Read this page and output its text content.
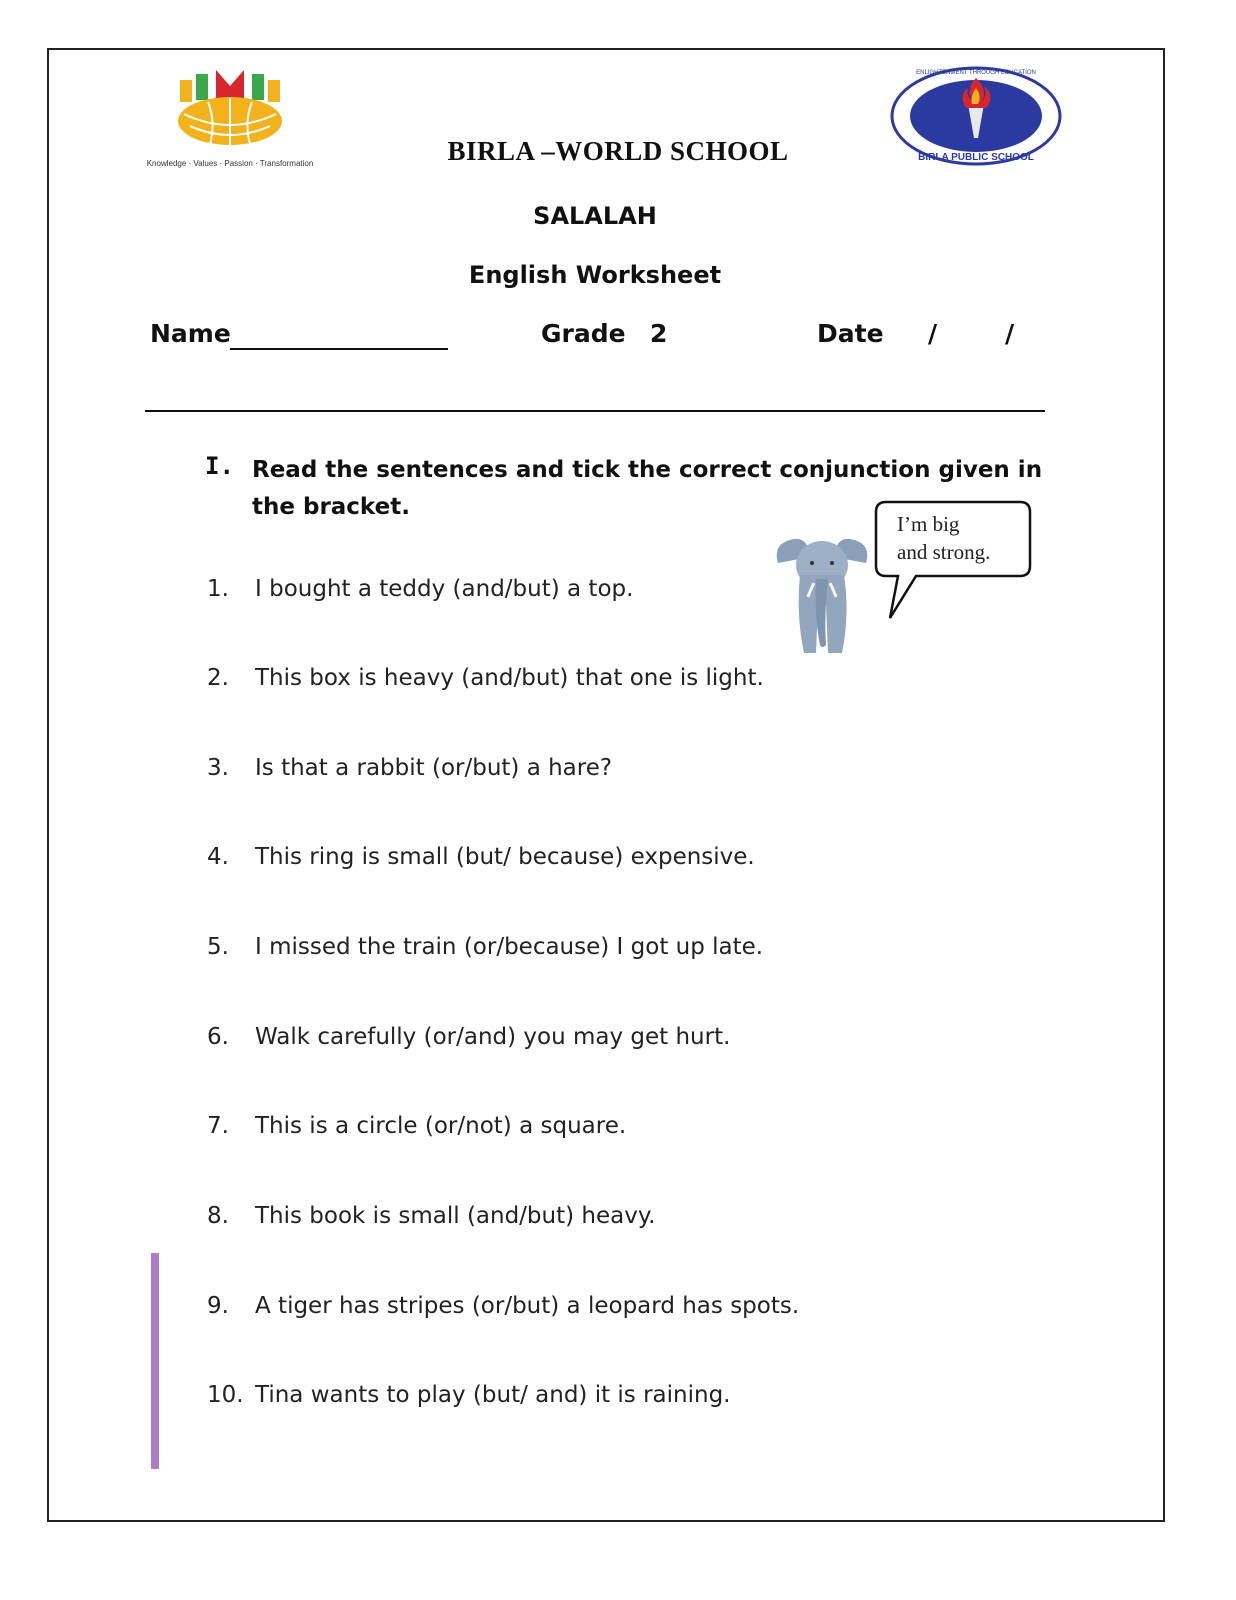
Knowledge · Values · Passion · Transformation
BIRLA PUBLIC SCHOOL
ENLIGHTENMENT THROUGH EDUCATION
BIRLA –WORLD SCHOOL
SALALAH
English Worksheet
Name	Grade 2	Date /	/
I. Read the sentences and tick the correct conjunction given in the bracket.
I’m big
and strong.
1. I bought a teddy (and/but) a top.
2. This box is heavy (and/but) that one is light.
3. Is that a rabbit (or/but) a hare?
4. This ring is small (but/ because) expensive.
5. I missed the train (or/because) I got up late.
6. Walk carefully (or/and) you may get hurt.
7. This is a circle (or/not) a square.
8. This book is small (and/but) heavy.
9. A tiger has stripes (or/but) a leopard has spots.
10. Tina wants to play (but/ and) it is raining.
